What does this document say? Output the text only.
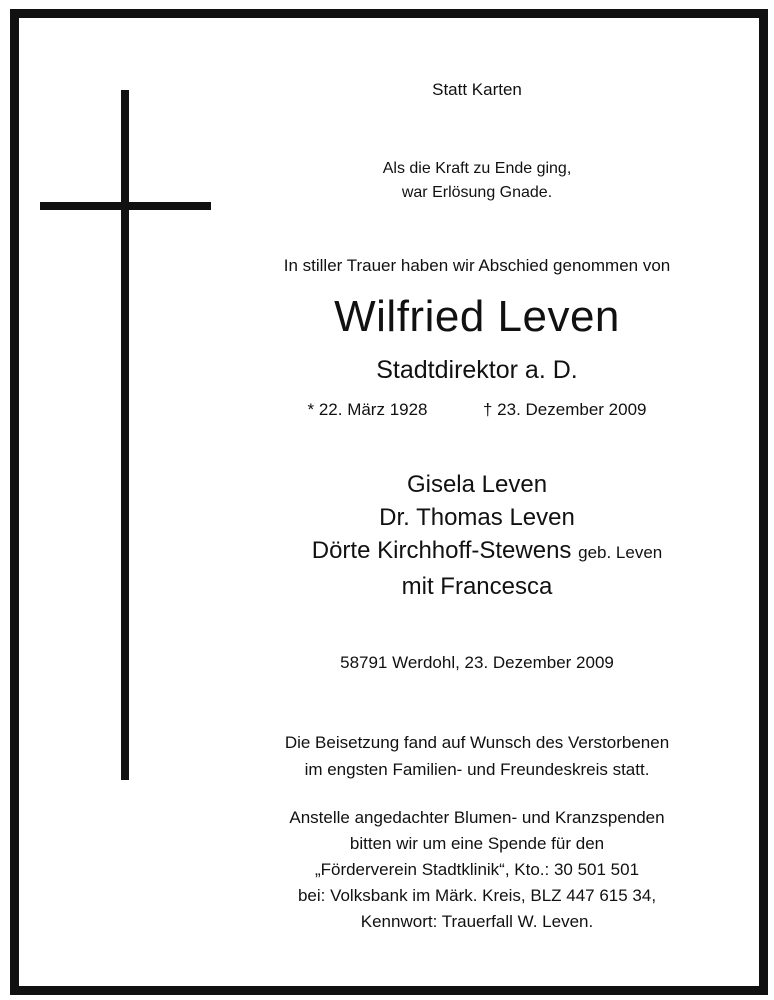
Statt Karten
Als die Kraft zu Ende ging,
war Erlösung Gnade.
In stiller Trauer haben wir Abschied genommen von
Wilfried Leven
Stadtdirektor a. D.
* 22. März 1928	† 23. Dezember 2009
Gisela Leven
Dr. Thomas Leven
Dörte Kirchhoff-Stewens geb. Leven
mit Francesca
58791 Werdohl, 23. Dezember 2009
Die Beisetzung fand auf Wunsch des Verstorbenen
im engsten Familien- und Freundeskreis statt.
Anstelle angedachter Blumen- und Kranzspenden
bitten wir um eine Spende für den
„Förderverein Stadtklinik“, Kto.: 30 501 501
bei: Volksbank im Märk. Kreis, BLZ 447 615 34,
Kennwort: Trauerfall W. Leven.
